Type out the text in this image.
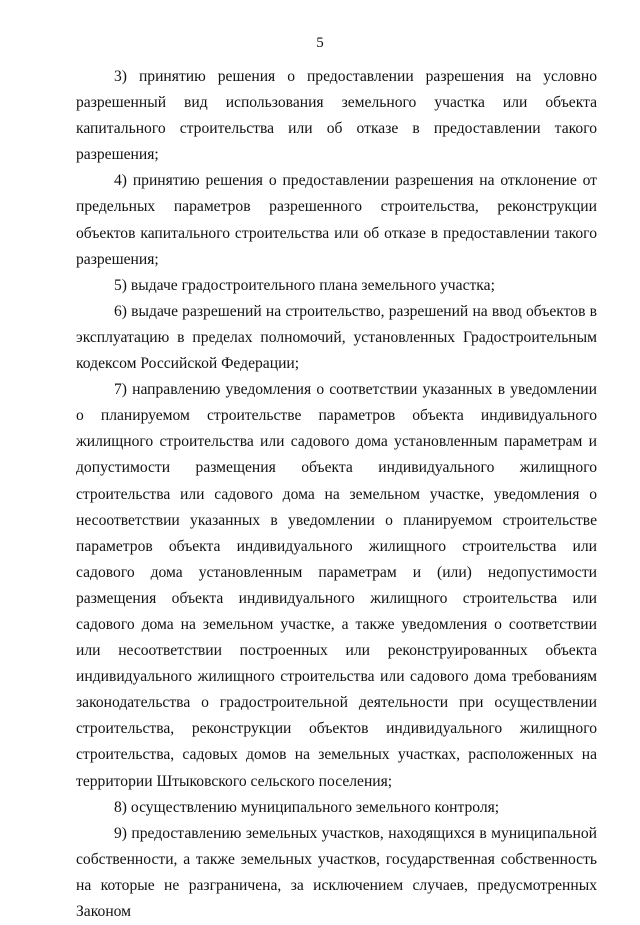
5

3) принятию решения о предоставлении разрешения на условно разрешенный вид использования земельного участка или объекта капитального строительства или об отказе в предоставлении такого разрешения;

4) принятию решения о предоставлении разрешения на отклонение от предельных параметров разрешенного строительства, реконструкции объектов капитального строительства или об отказе в предоставлении такого разрешения;

5) выдаче градостроительного плана земельного участка;

6) выдаче разрешений на строительство, разрешений на ввод объектов в эксплуатацию в пределах полномочий, установленных Градостроительным кодексом Российской Федерации;

7) направлению уведомления о соответствии указанных в уведомлении о планируемом строительстве параметров объекта индивидуального жилищного строительства или садового дома установленным параметрам и допустимости размещения объекта индивидуального жилищного строительства или садового дома на земельном участке, уведомления о несоответствии указанных в уведомлении о планируемом строительстве параметров объекта индивидуального жилищного строительства или садового дома установленным параметрам и (или) недопустимости размещения объекта индивидуального жилищного строительства или садового дома на земельном участке, а также уведомления о соответствии или несоответствии построенных или реконструированных объекта индивидуального жилищного строительства или садового дома требованиям законодательства о градостроительной деятельности при осуществлении строительства, реконструкции объектов индивидуального жилищного строительства, садовых домов на земельных участках, расположенных на территории Штыковского сельского поселения;

8) осуществлению муниципального земельного контроля;

9) предоставлению земельных участков, находящихся в муниципальной собственности, а также земельных участков, государственная собственность на которые не разграничена, за исключением случаев, предусмотренных Законом
